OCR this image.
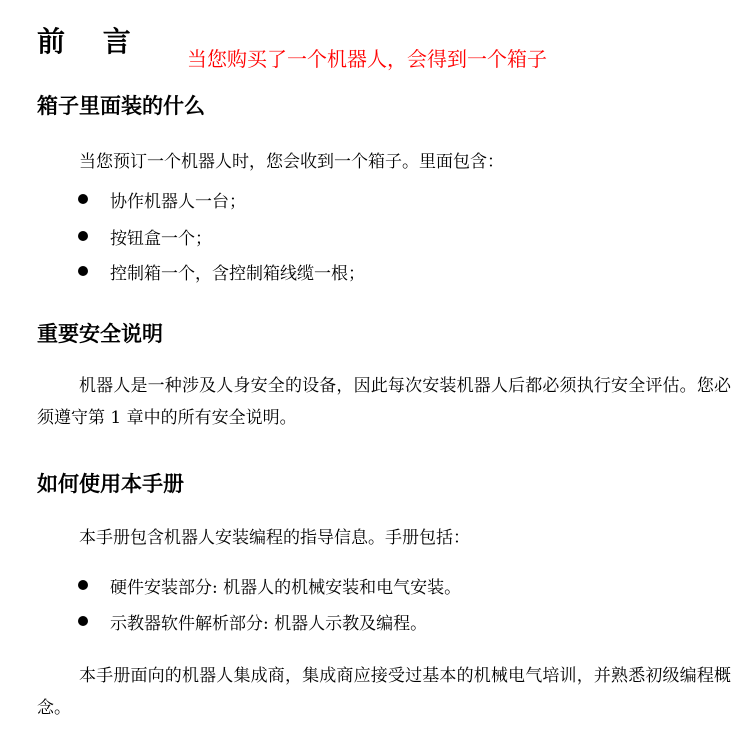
前 言
当您购买了一个机器人，会得到一个箱子
箱子里面装的什么
当您预订一个机器人时，您会收到一个箱子。里面包含：
协作机器人一台；
按钮盒一个；
控制箱一个，含控制箱线缆一根；
重要安全说明
机器人是一种涉及人身安全的设备，因此每次安装机器人后都必须执行安全评估。您必须遵守第 1 章中的所有安全说明。
如何使用本手册
本手册包含机器人安装编程的指导信息。手册包括：
硬件安装部分: 机器人的机械安装和电气安装。
示教器软件解析部分: 机器人示教及编程。
本手册面向的机器人集成商，集成商应接受过基本的机械电气培训，并熟悉初级编程概念。
